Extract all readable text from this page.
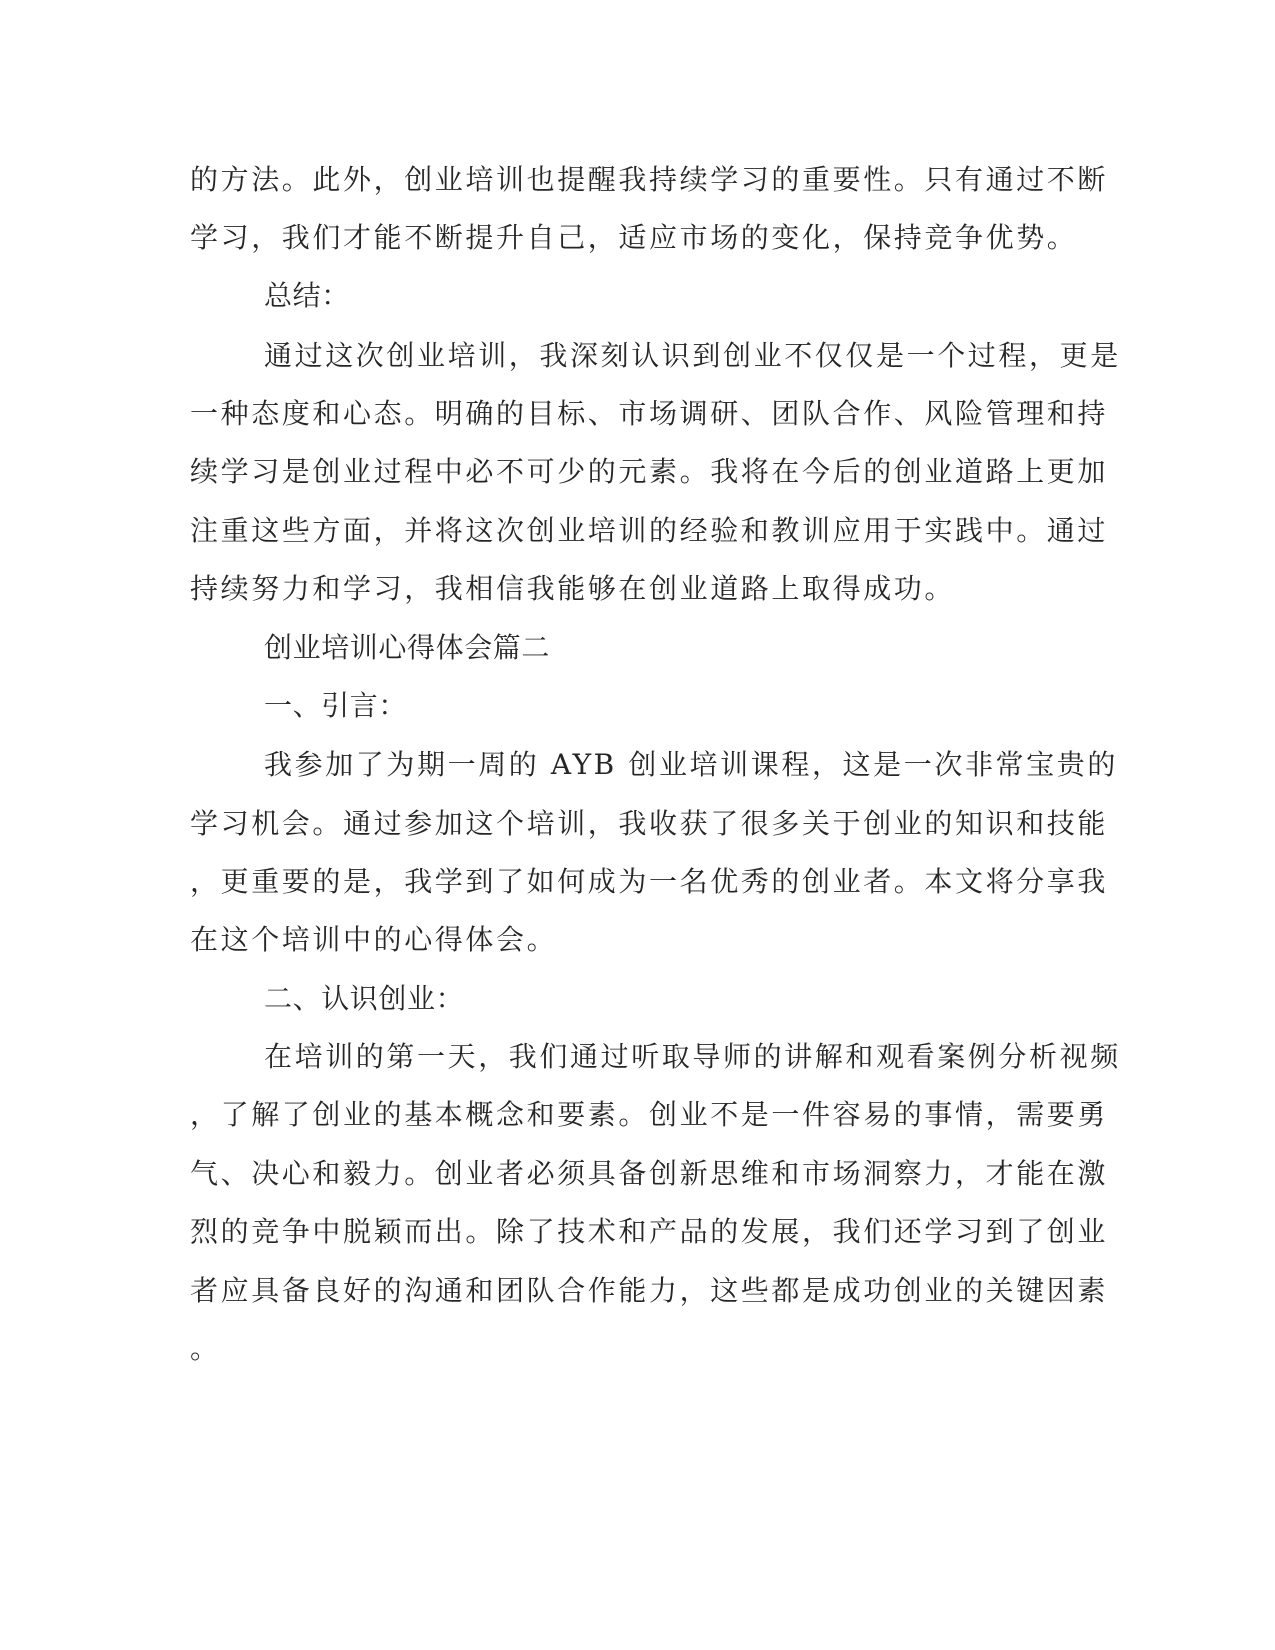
的方法。此外，创业培训也提醒我持续学习的重要性。只有通过不断
学习，我们才能不断提升自己，适应市场的变化，保持竞争优势。
总结：
通过这次创业培训，我深刻认识到创业不仅仅是一个过程，更是
一种态度和心态。明确的目标、市场调研、团队合作、风险管理和持
续学习是创业过程中必不可少的元素。我将在今后的创业道路上更加
注重这些方面，并将这次创业培训的经验和教训应用于实践中。通过
持续努力和学习，我相信我能够在创业道路上取得成功。
创业培训心得体会篇二
一、引言：
我参加了为期一周的 AYB 创业培训课程，这是一次非常宝贵的
学习机会。通过参加这个培训，我收获了很多关于创业的知识和技能
，更重要的是，我学到了如何成为一名优秀的创业者。本文将分享我
在这个培训中的心得体会。
二、认识创业：
在培训的第一天，我们通过听取导师的讲解和观看案例分析视频
，了解了创业的基本概念和要素。创业不是一件容易的事情，需要勇
气、决心和毅力。创业者必须具备创新思维和市场洞察力，才能在激
烈的竞争中脱颖而出。除了技术和产品的发展，我们还学习到了创业
者应具备良好的沟通和团队合作能力，这些都是成功创业的关键因素
。
